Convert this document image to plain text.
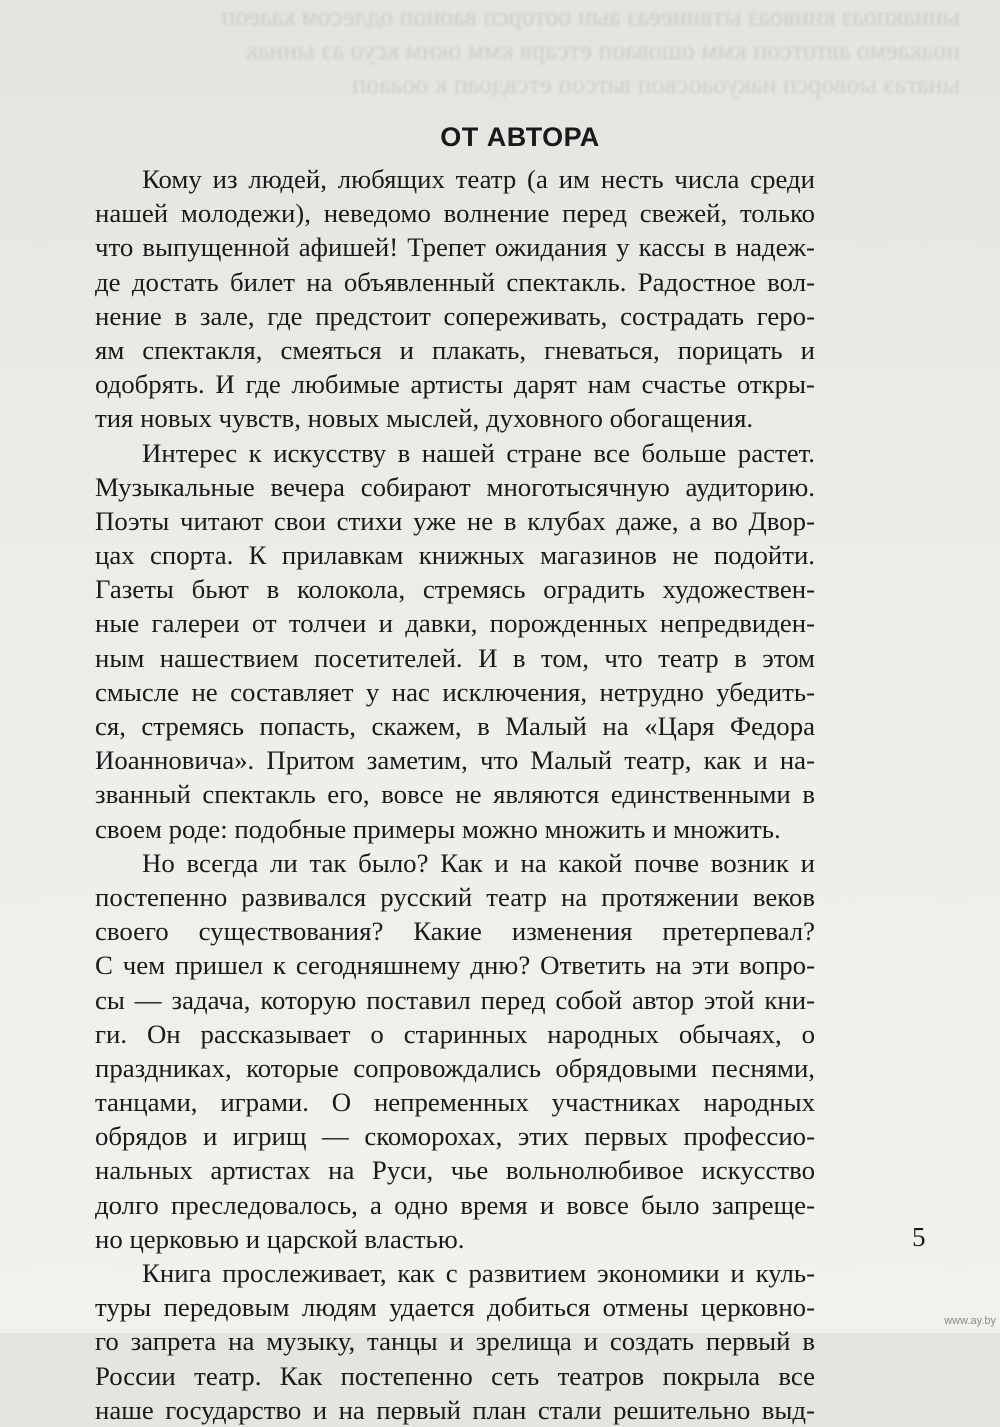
ыннакпоаз кинвоаз ытвинееаз аын ооторсп ваоноп одлесом кааеоп
иоакаемо автотсоп кмм ошоваоп етсарв кмм окнм ксуо аэ ыннак
ынатаэ ыоворсп иакуоаосвоп ватсоп етсвдоап к ооааоп
ОТ АВТОРА
Кому из людей, любящих театр (а им несть числа среди
нашей молодежи), неведомо волнение перед свежей, только
что выпущенной афишей! Трепет ожидания у кассы в надеж-
де достать билет на объявленный спектакль. Радостное вол-
нение в зале, где предстоит сопереживать, сострадать геро-
ям спектакля, смеяться и плакать, гневаться, порицать и
одобрять. И где любимые артисты дарят нам счастье откры-
тия новых чувств, новых мыслей, духовного обогащения.
Интерес к искусству в нашей стране все больше растет.
Музыкальные вечера собирают многотысячную аудиторию.
Поэты читают свои стихи уже не в клубах даже, а во Двор-
цах спорта. К прилавкам книжных магазинов не подойти.
Газеты бьют в колокола, стремясь оградить художествен-
ные галереи от толчеи и давки, порожденных непредвиден-
ным нашествием посетителей. И в том, что театр в этом
смысле не составляет у нас исключения, нетрудно убедить-
ся, стремясь попасть, скажем, в Малый на «Царя Федора
Иоанновича». Притом заметим, что Малый театр, как и на-
званный спектакль его, вовсе не являются единственными в
своем роде: подобные примеры можно множить и множить.
Но всегда ли так было? Как и на какой почве возник и
постепенно развивался русский театр на протяжении веков
своего существования? Какие изменения претерпевал?
С чем пришел к сегодняшнему дню? Ответить на эти вопро-
сы — задача, которую поставил перед собой автор этой кни-
ги. Он рассказывает о старинных народных обычаях, о
праздниках, которые сопровождались обрядовыми песнями,
танцами, играми. О непременных участниках народных
обрядов и игрищ — скоморохах, этих первых профессио-
нальных артистах на Руси, чье вольнолюбивое искусство
долго преследовалось, а одно время и вовсе было запреще-
но церковью и царской властью.
Книга прослеживает, как с развитием экономики и куль-
туры передовым людям удается добиться отмены церковно-
го запрета на музыку, танцы и зрелища и создать первый в
России театр. Как постепенно сеть театров покрыла все
наше государство и на первый план стали решительно выд-
5
www.ay.by
